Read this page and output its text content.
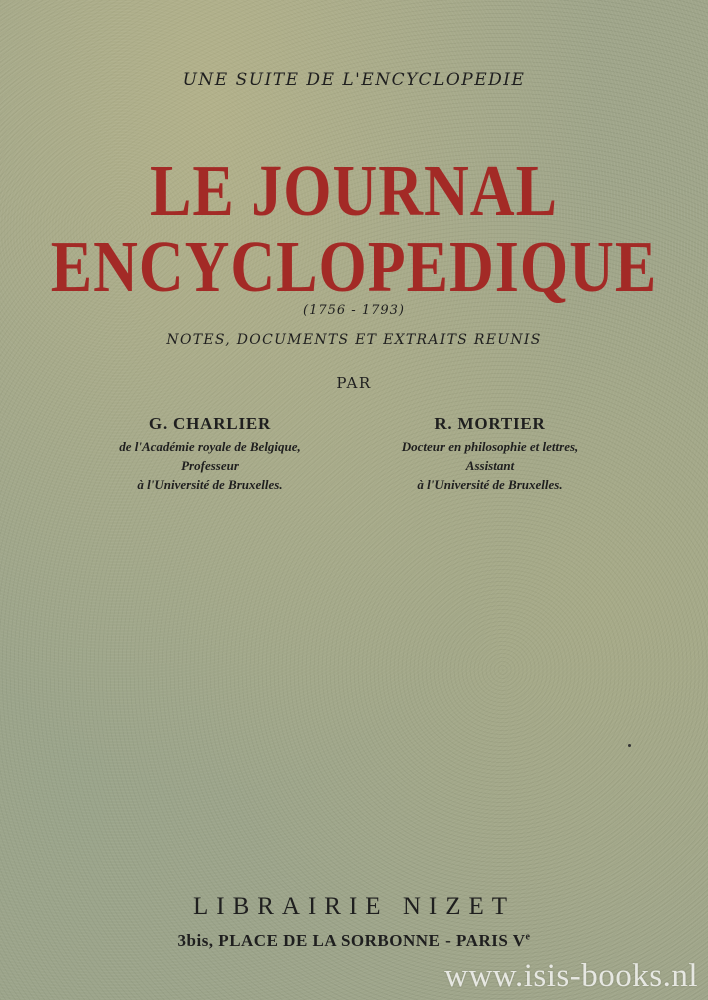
UNE SUITE DE L'ENCYCLOPEDIE
LE JOURNAL
ENCYCLOPEDIQUE
(1756 - 1793)
NOTES, DOCUMENTS ET EXTRAITS REUNIS
PAR
G. CHARLIER
de l'Académie royale de Belgique,
Professeur
à l'Université de Bruxelles.
R. MORTIER
Docteur en philosophie et lettres,
Assistant
à l'Université de Bruxelles.
LIBRAIRIE NIZET
3bis, PLACE DE LA SORBONNE - PARIS Ve
www.isis-books.nl
